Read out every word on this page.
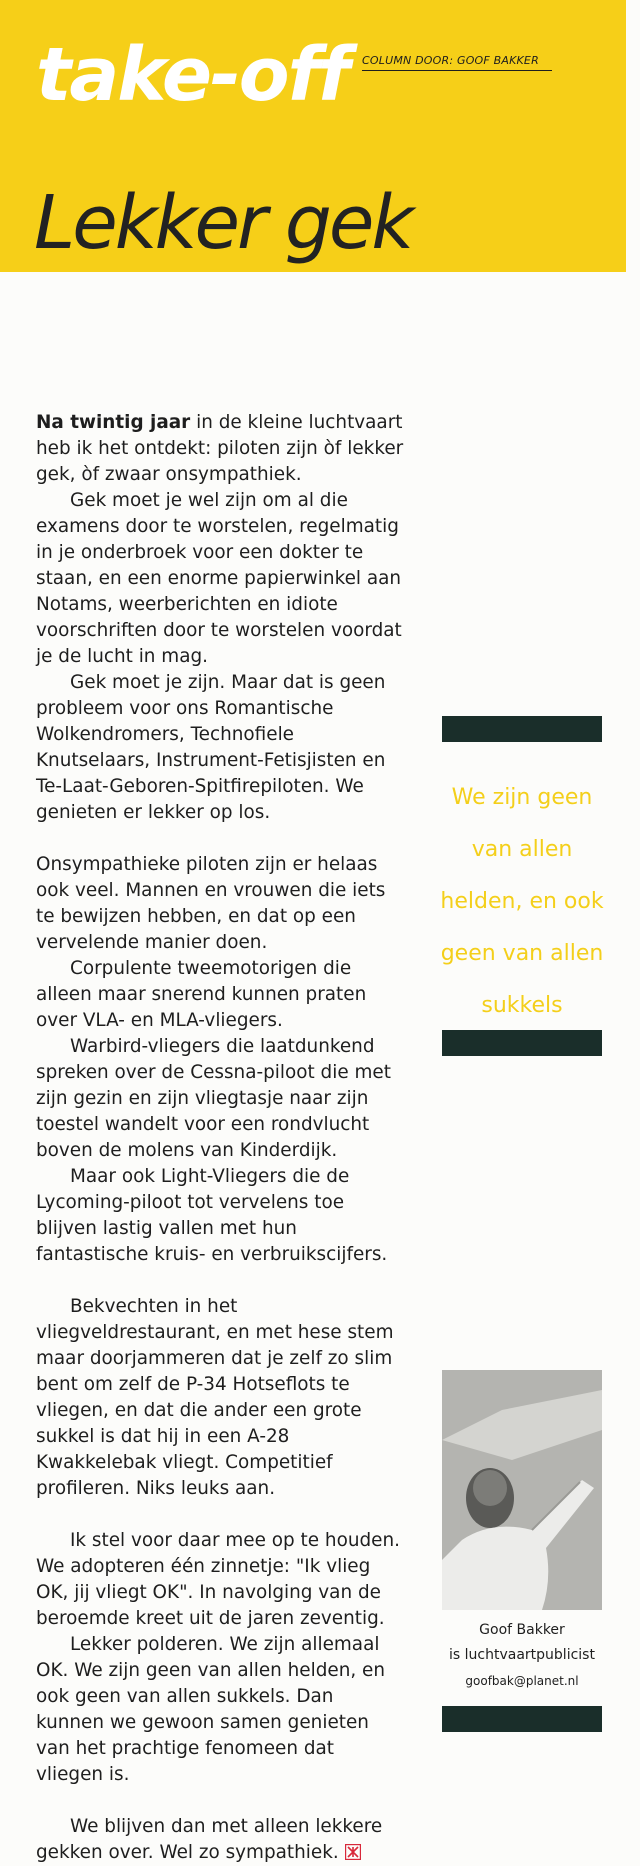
take-off COLUMN DOOR: GOOF BAKKER
Lekker gek

Na twintig jaar in de kleine luchtvaart heb ik het ontdekt: piloten zijn òf lekker gek, òf zwaar onsympathiek.

Gek moet je wel zijn om al die examens door te worstelen, regelmatig in je onderbroek voor een dokter te staan, en een enorme papierwinkel aan Notams, weerberichten en idiote voorschriften door te worstelen voordat je de lucht in mag.

Gek moet je zijn. Maar dat is geen probleem voor ons Romantische Wolkendromers, Technofiele Knutselaars, Instrument-Fetisjisten en Te-Laat-Geboren-Spitfirepiloten. We genieten er lekker op los.

Onsympathieke piloten zijn er helaas ook veel. Mannen en vrouwen die iets te bewijzen hebben, en dat op een vervelende manier doen.

Corpulente tweemotorigen die alleen maar snerend kunnen praten over VLA- en MLA-vliegers.

Warbird-vliegers die laatdunkend spreken over de Cessna-piloot die met zijn gezin en zijn vliegtasje naar zijn toestel wandelt voor een rondvlucht boven de molens van Kinderdijk.

Maar ook Light-Vliegers die de Lycoming-piloot tot vervelens toe blijven lastig vallen met hun fantastische kruis- en verbruikscijfers.

Bekvechten in het vliegveldrestaurant, en met hese stem maar doorjammeren dat je zelf zo slim bent om zelf de P-34 Hotseflots te vliegen, en dat die ander een grote sukkel is dat hij in een A-28 Kwakkelebak vliegt. Competitief profileren. Niks leuks aan.

Ik stel voor daar mee op te houden. We adopteren één zinnetje: "Ik vlieg OK, jij vliegt OK". In navolging van de beroemde kreet uit de jaren zeventig.

Lekker polderen. We zijn allemaal OK. We zijn geen van allen helden, en ook geen van allen sukkels. Dan kunnen we gewoon samen genieten van het prachtige fenomeen dat vliegen is.

We blijven dan met alleen lekkere gekken over. Wel zo sympathiek.

We zijn geen van allen helden, en ook geen van allen sukkels

Goof Bakker

is luchtvaartpublicist

goofbak@planet.nl
